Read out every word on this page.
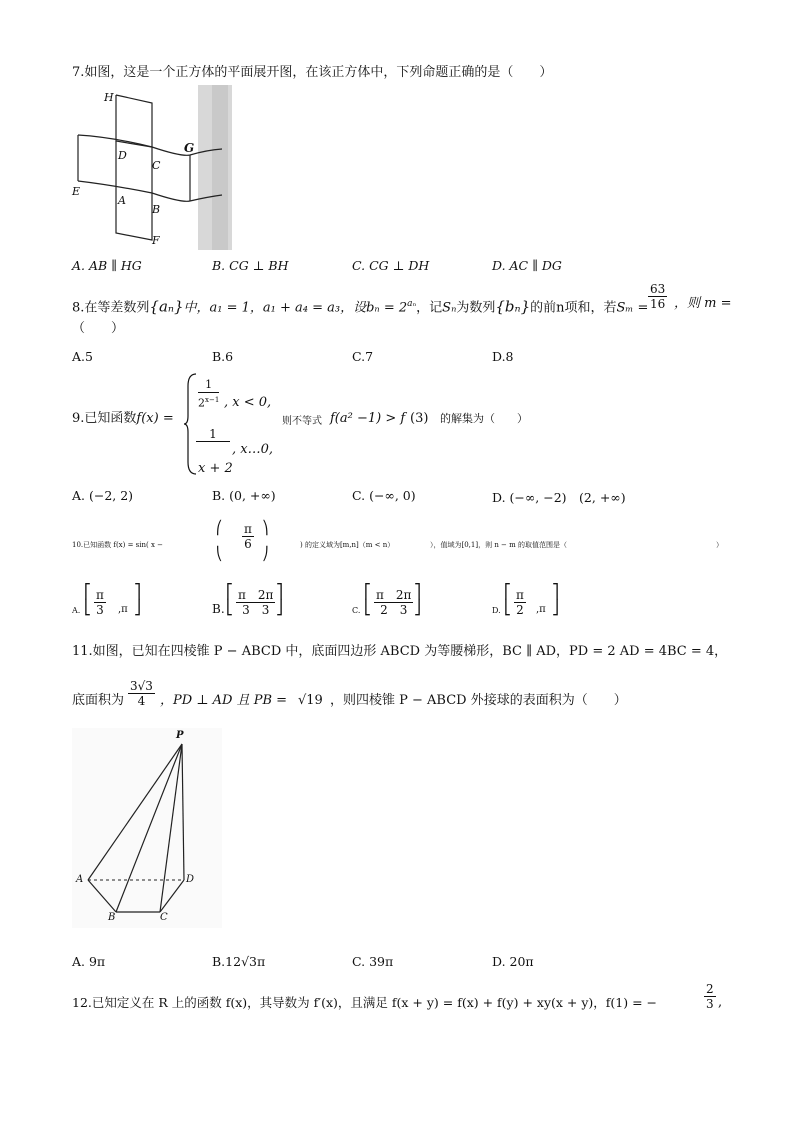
7.如图，这是一个正方体的平面展开图，在该正方体中，下列命题正确的是（　　）
H
D
C
G
E
A
B
F
A. AB ∥ HG	B. CG ⊥ BH	C. CG ⊥ DH	D. AC ∥ DG
8.在等差数列{aₙ}中，a₁ = 1，a₁ + a₄ = a₃，设$b_n = 2^{a_n}$，记Sₙ为数列{bₙ}的前n项和，若$S_m = \frac{63}{16}$ ，则 m =
（　　）
A.5	B.6	C.7	D.8
9.已知函数f(x) =
$\frac{1}{2^{x-1}}$ , x < 0,
1
, x…0,
x + 2
则不等式 f(a² −1) > f (3) 的解集为（　　）
A. (−2, 2)	B. (0, +∞)	C. (−∞, 0)	D. (−∞, −2)　(2, +∞)
10.已知函数 f(x) = sin( x −
⎛
⎝
$\frac{\pi}{6}$ ⎞
⎠
) 的定义域为[m,n]（m < n）	），值域为[0,1]，则 n − m 的取值范围是（	）
A.
⎡
⎣ $\frac{\pi}{3} ,\pi$
⎤
⎦	B.
⎡
⎣ $\frac{\pi 2\pi}{3 3}$ ⎤
⎦	C.
⎡
⎣ $\frac{\pi 2\pi}{2 3}$ ⎤
⎦	D.
⎡
⎣ $\frac{\pi}{2} ,\pi$
⎤
⎦
11.如图，已知在四棱锥 P − ABCD 中，底面四边形 ABCD 为等腰梯形，BC ∥ AD，PD = 2 AD = 4BC = 4，
底面积为 $\frac{3√3}{4}$ ，PD ⊥ AD 且 PB = √19 ，则四棱锥 P − ABCD 外接球的表面积为（　　）
P
A	D
B	C
A. 9π	B.12√3π	C. 39π	D. 20π
12.已知定义在 R 上的函数 f(x)，其导数为 f′(x)，且满足 f(x + y) = f(x) + f(y) + xy(x + y)，f(1) = −	$\frac{2}{3}$ ,
